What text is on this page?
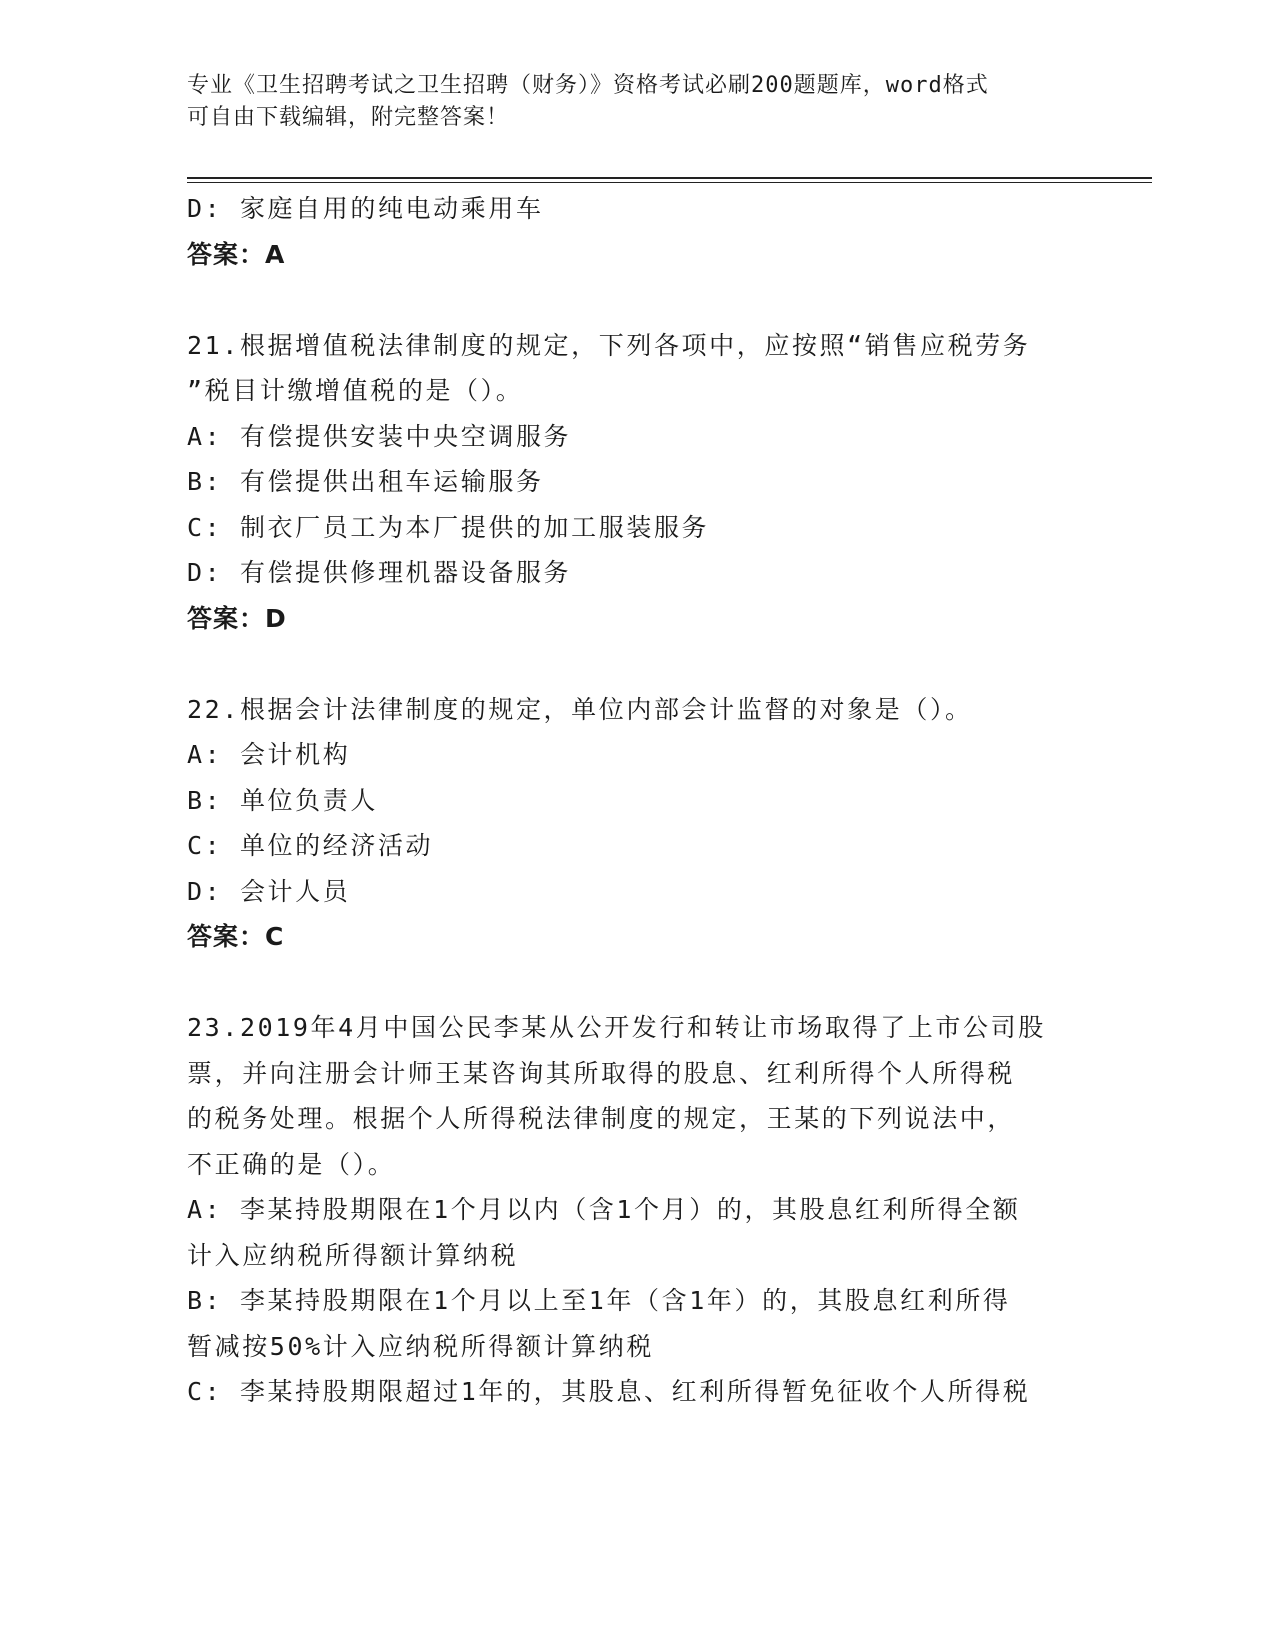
专业《卫生招聘考试之卫生招聘（财务）》资格考试必刷200题题库，word格式
可自由下载编辑，附完整答案！
D: 家庭自用的纯电动乘用车
答案：A
21.根据增值税法律制度的规定，下列各项中，应按照“销售应税劳务
”税目计缴增值税的是（）。
A: 有偿提供安装中央空调服务
B: 有偿提供出租车运输服务
C: 制衣厂员工为本厂提供的加工服装服务
D: 有偿提供修理机器设备服务
答案：D
22.根据会计法律制度的规定，单位内部会计监督的对象是（）。
A: 会计机构
B: 单位负责人
C: 单位的经济活动
D: 会计人员
答案：C
23.2019年4月中国公民李某从公开发行和转让市场取得了上市公司股
票，并向注册会计师王某咨询其所取得的股息、红利所得个人所得税
的税务处理。根据个人所得税法律制度的规定，王某的下列说法中，
不正确的是（）。
A: 李某持股期限在1个月以内（含1个月）的，其股息红利所得全额
计入应纳税所得额计算纳税
B: 李某持股期限在1个月以上至1年（含1年）的，其股息红利所得
暂减按50%计入应纳税所得额计算纳税
C: 李某持股期限超过1年的，其股息、红利所得暂免征收个人所得税
